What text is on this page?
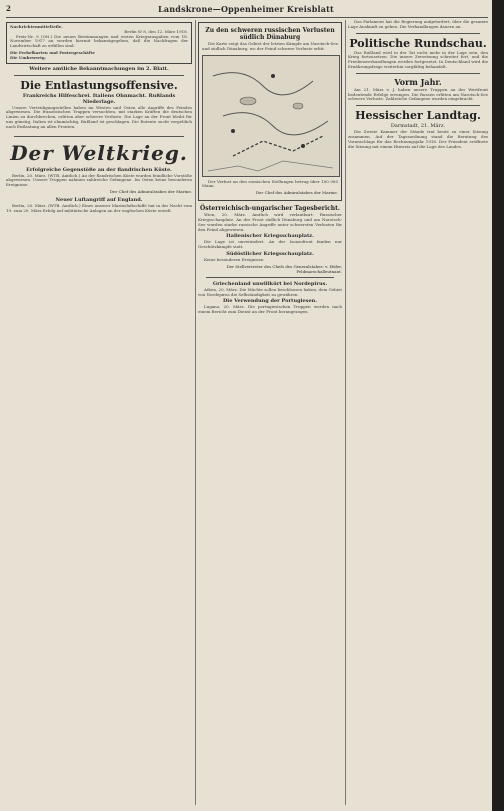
2	Landskrone—Oppenheimer Kreisblatt

Nachrichtenmittelteile.

Berlin W 8, den 12. März 1918.

Preis-Nr. 9 (Ott.) Die neuen Bestimmungen und ersten Kriegsausgaben vom 18. November 1917 an werden hiermit bekanntgegeben, daß die Nachfragen der Landwirtschaft zu erfüllen sind.

Die Ferkelkarten und Fostergeschäfte

Die Umbewertg.

Weitere amtliche Bekanntmachungen im 2. Blatt.

Die Entlastungsoffensive.
Frankreichs Hilfeschrei. Italiens Ohnmacht. Rußlands Niederlage.

Unsere Verteidigungsstellen haben im Westen und Osten alle Angriffe des Feindes abgewiesen. Die französischen Truppen versuchten, mit starken Kräften die deutschen Linien zu durchbrechen, erlitten aber schwere Verluste. Die Lage an der Front bleibt für uns günstig. Italien ist ohnmächtig, Rußland ist geschlagen. Die Entente sucht vergeblich nach Entlastung an allen Fronten.

Der Weltkrieg.
Erfolgreiche Gegenstöße an der flandrischen Küste.

Berlin, 20. März. (WTB. Amtlich.) An der flandrischen Küste wurden feindliche Vorstöße abgewiesen. Unsere Truppen nahmen zahlreiche Gefangene. Im Osten keine besonderen Ereignisse.

Der Chef des Admiralstabes der Marine.

Neuer Luftangriff auf England.

Berlin, 20. März. (WTB. Amtlich.) Eines unserer Marineluftschiffe hat in der Nacht vom 19. zum 20. März Erfolg auf militärische Anlagen an der englischen Küste erzielt.

Zu den schweren russischen Verlusten südlich Dünaburg

Die Karte zeigt das Gebiet der letzten Kämpfe am Narotsch-See und südlich Dünaburg, wo der Feind schwere Verluste erlitt.

Der Verlust an den russischen Stellungen betrug über 100 000 Mann.

Der Chef des Admiralstabes der Marine.

Österreichisch-ungarischer Tagesbericht.

Wien, 20. März. Amtlich wird verlautbart: Russischer Kriegsschauplatz. An der Front südlich Dünaburg und am Narotsch-See wurden starke russische Angriffe unter schwersten Verlusten für den Feind abgewiesen.

Italienischer Kriegsschauplatz.

Die Lage ist unverändert. An der Isonzofront fanden nur Geschützkämpfe statt.

Südöstlicher Kriegsschauplatz.

Keine besonderen Ereignisse.

Der Stellvertreter des Chefs des Generalstabes: v. Höfer, Feldmarschalleutnant.

Griechenland unwillkürt bei Nordepirus.

Athen, 20. März. Die Mächte sollen beschlossen haben, dem Gebiet von Nordepirus die Selbständigkeit zu gewähren.

Die Verwendung der Portugiesen.

Lugano, 20. März. Die portugiesischen Truppen werden nach einem Bericht zum Dienst an der Front herangezogen.

Das Parlament hat die Regierung aufgefordert, über die gesamte Lage Auskunft zu geben. Die Verhandlungen dauern an.

Politische Rundschau.

Das Rußland wird in der Tat nicht mehr in der Lage sein, den Krieg fortzusetzen. Die innere Zersetzung schreitet fort, und die Friedensverhandlungen werden fortgesetzt. In Deutschland wird die Ernährungsfrage weiterhin sorgfältig behandelt.

Vorm Jahr.

Am 21. März v. J. haben unsere Truppen an der Westfront bedeutende Erfolge errungen. Die Russen erlitten am Narotsch-See schwere Verluste. Zahlreiche Gefangene wurden eingebracht.

Hessischer Landtag.
Darmstadt, 21. März.

Die Zweite Kammer der Stände trat heute zu einer Sitzung zusammen. Auf der Tagesordnung stand die Beratung des Voranschlags für das Rechnungsjahr 1918. Der Präsident eröffnete die Sitzung mit einem Hinweis auf die Lage des Landes.
